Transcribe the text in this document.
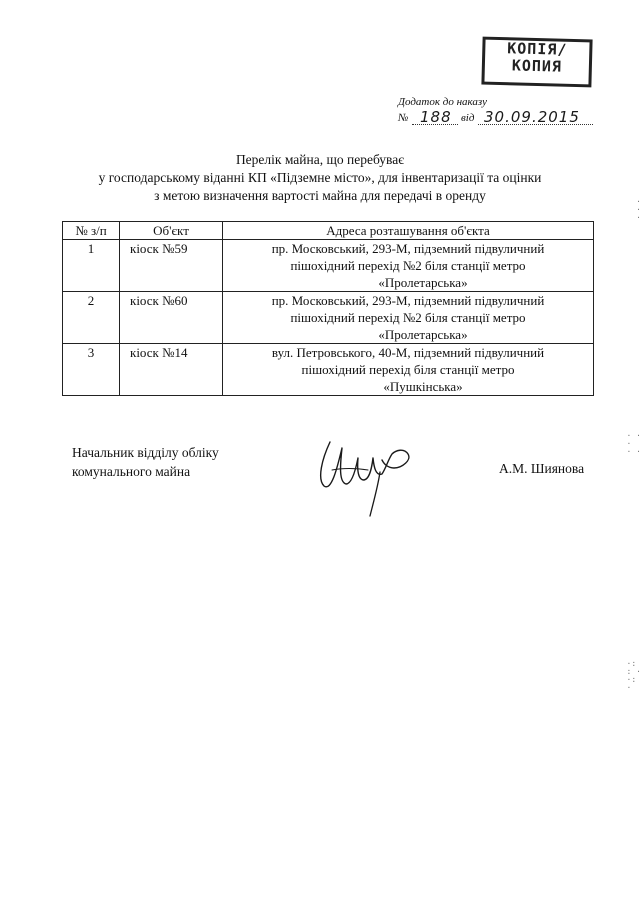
КОПІЯ/
КОПИЯ
Додаток до наказу
№ 188 від 30.09.2015
Перелік майна, що перебуває
у господарському віданні КП «Підземне місто», для інвентаризації та оцінки
з метою визначення вартості майна для передачі в оренду
№ з/п	Об'єкт	Адреса розташування об'єкта
1	кіоск №59	пр. Московський, 293-М, підземний підвуличний
пішохідний перехід №2 біля станції метро
«Пролетарська»

2	кіоск №60	пр. Московський, 293-М, підземний підвуличний
пішохідний перехід №2 біля станції метро
«Пролетарська»

3	кіоск №14	вул. Петровського, 40-М, підземний підвуличний
пішохідний перехід біля станції метро
«Пушкінська»
Начальник відділу обліку
комунального майна	А.М. Шиянова
·
·
·
· ·
·
· ·
·:
: ·
·:
·
